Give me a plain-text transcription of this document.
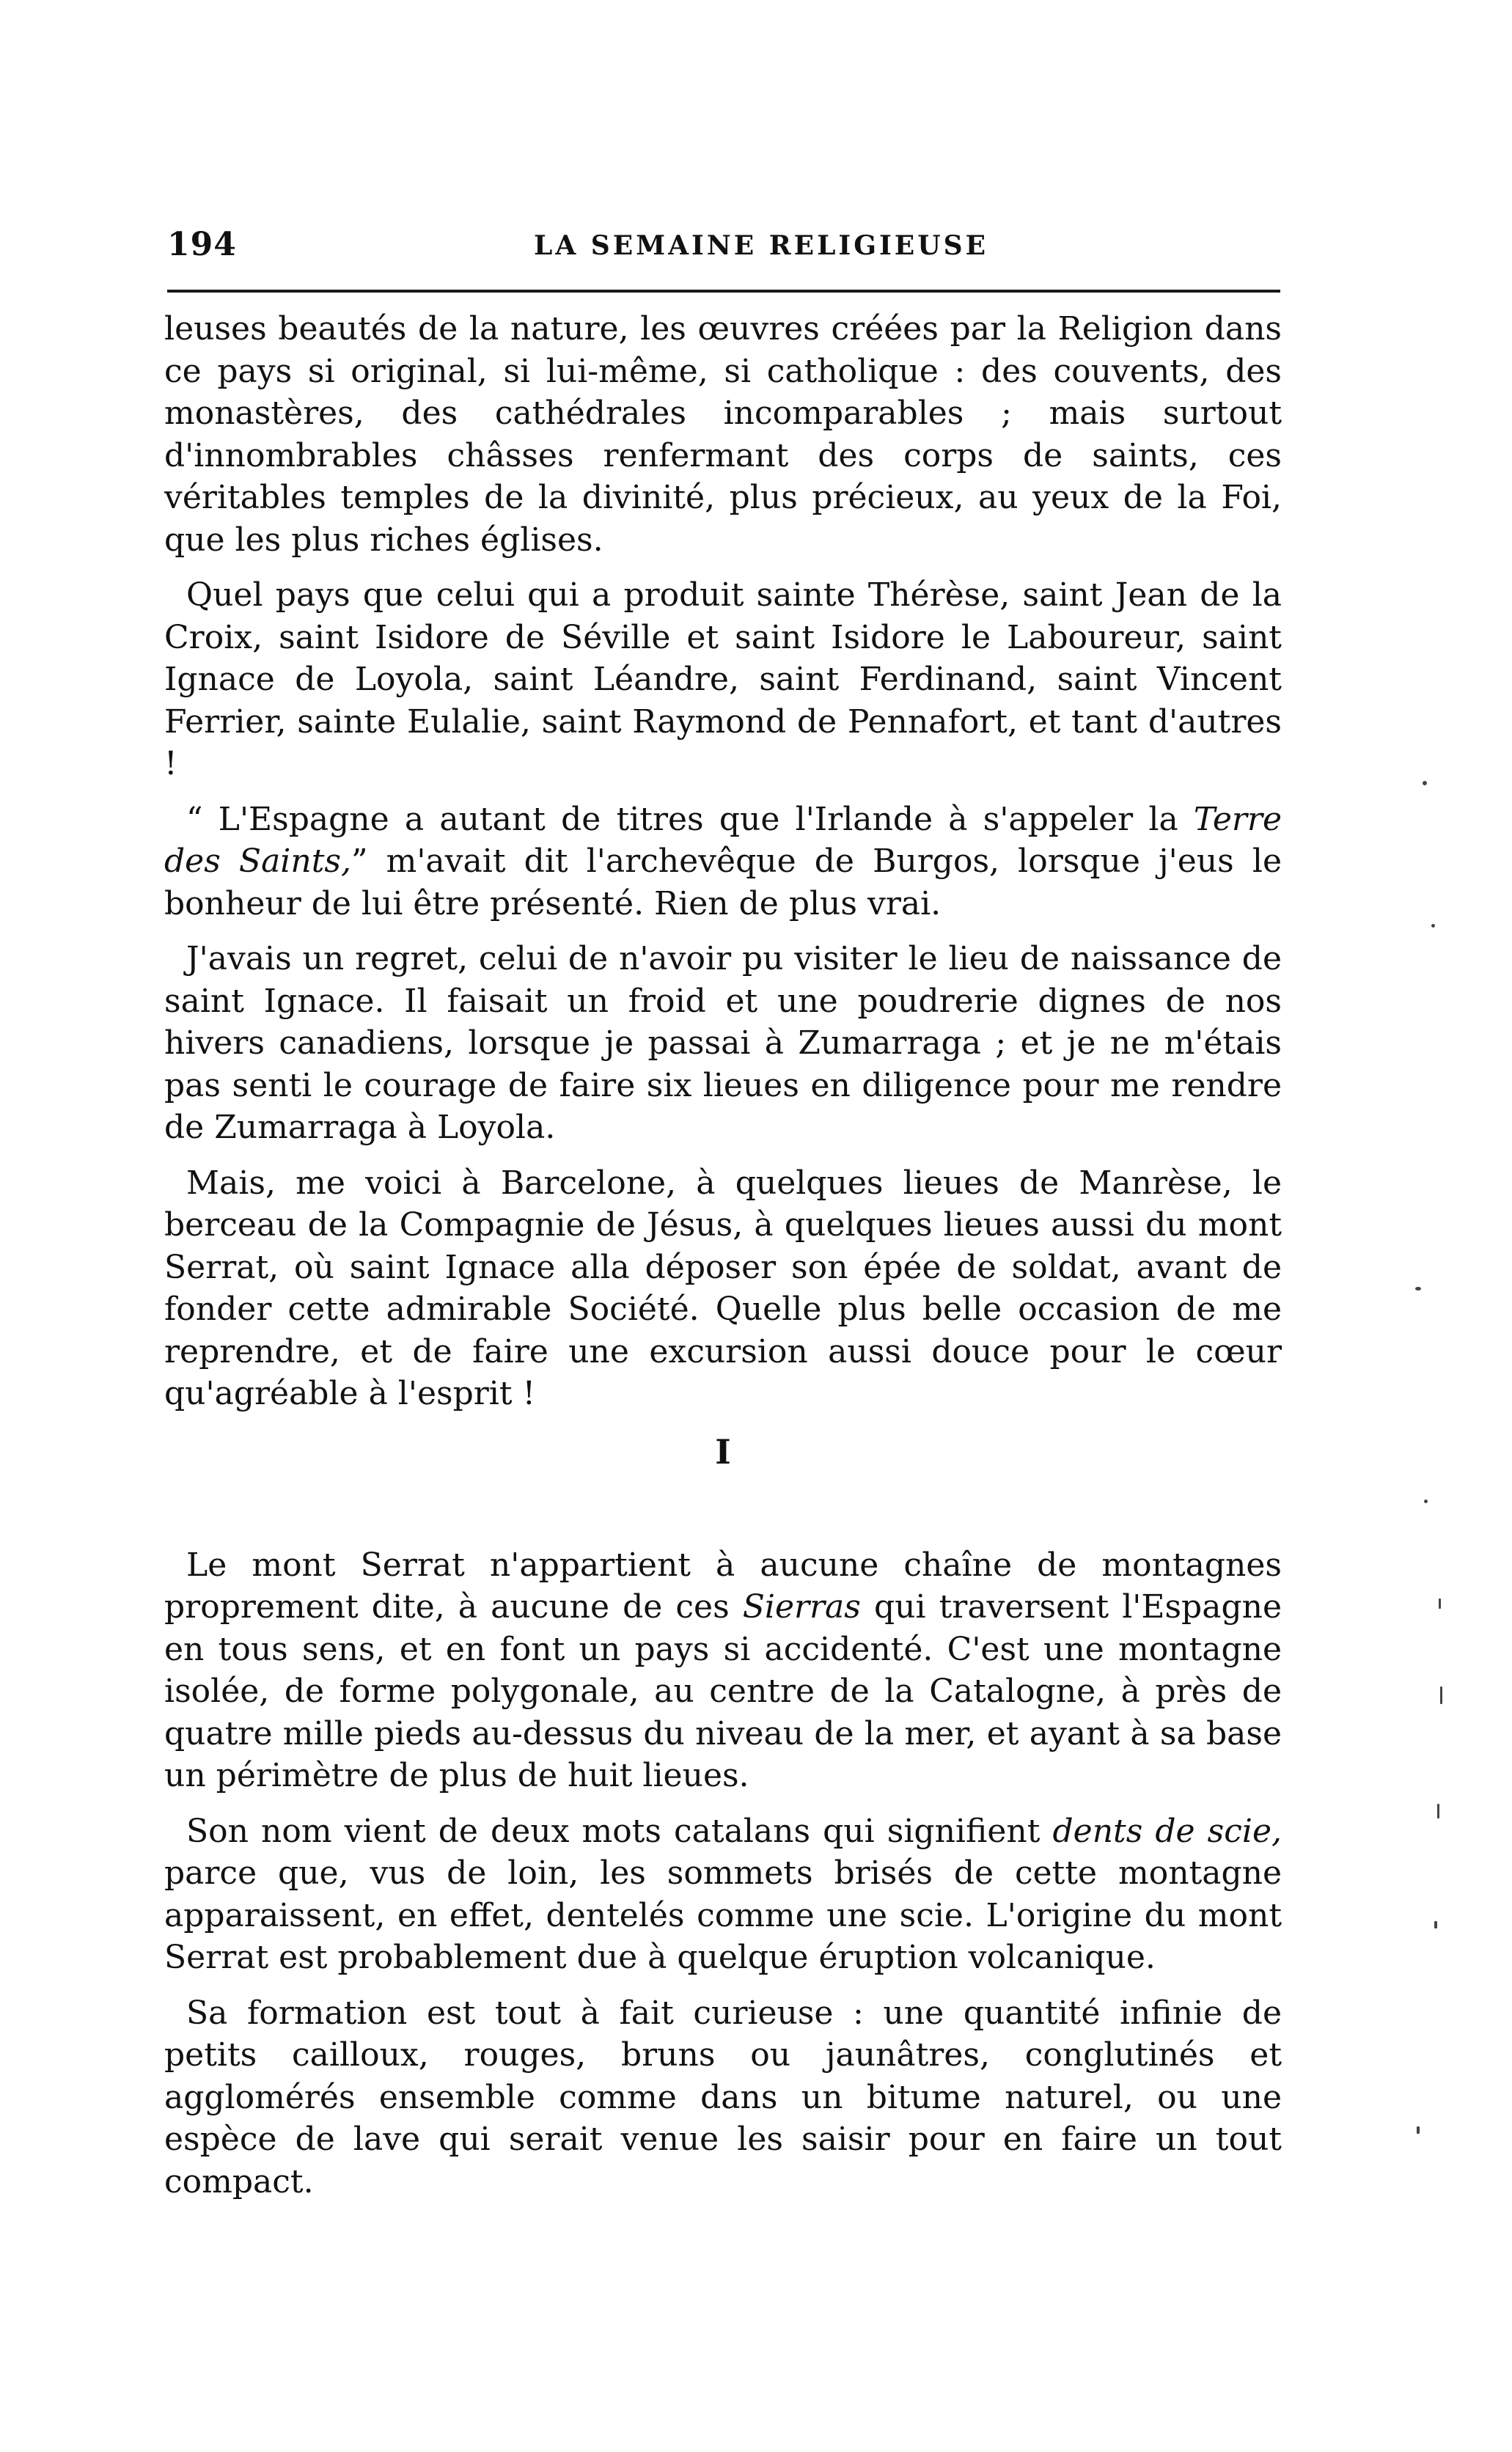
194	LA SEMAINE RELIGIEUSE

leuses beautés de la nature, les œuvres créées par la Religion dans ce pays si original, si lui-même, si catholique : des couvents, des monastères, des cathédrales incomparables ; mais surtout d'innombrables châsses renfermant des corps de saints, ces véritables temples de la divinité, plus précieux, au yeux de la Foi, que les plus riches églises.

Quel pays que celui qui a produit sainte Thérèse, saint Jean de la Croix, saint Isidore de Séville et saint Isidore le Laboureur, saint Ignace de Loyola, saint Léandre, saint Ferdinand, saint Vincent Ferrier, sainte Eulalie, saint Raymond de Pennafort, et tant d'autres !

“ L'Espagne a autant de titres que l'Irlande à s'appeler la Terre des Saints,” m'avait dit l'archevêque de Burgos, lorsque j'eus le bonheur de lui être présenté. Rien de plus vrai.

J'avais un regret, celui de n'avoir pu visiter le lieu de naissance de saint Ignace. Il faisait un froid et une poudrerie dignes de nos hivers canadiens, lorsque je passai à Zumarraga ; et je ne m'étais pas senti le courage de faire six lieues en diligence pour me rendre de Zumarraga à Loyola.

Mais, me voici à Barcelone, à quelques lieues de Manrèse, le berceau de la Compagnie de Jésus, à quelques lieues aussi du mont Serrat, où saint Ignace alla déposer son épée de soldat, avant de fonder cette admirable Société. Quelle plus belle occasion de me reprendre, et de faire une excursion aussi douce pour le cœur qu'agréable à l'esprit !

I

Le mont Serrat n'appartient à aucune chaîne de montagnes proprement dite, à aucune de ces Sierras qui traversent l'Espagne en tous sens, et en font un pays si accidenté. C'est une montagne isolée, de forme polygonale, au centre de la Catalogne, à près de quatre mille pieds au-dessus du niveau de la mer, et ayant à sa base un périmètre de plus de huit lieues.

Son nom vient de deux mots catalans qui signifient dents de scie, parce que, vus de loin, les sommets brisés de cette montagne apparaissent, en effet, dentelés comme une scie. L'origine du mont Serrat est probablement due à quelque éruption volcanique.

Sa formation est tout à fait curieuse : une quantité infinie de petits cailloux, rouges, bruns ou jaunâtres, conglutinés et agglomérés ensemble comme dans un bitume naturel, ou une espèce de lave qui serait venue les saisir pour en faire un tout compact.
